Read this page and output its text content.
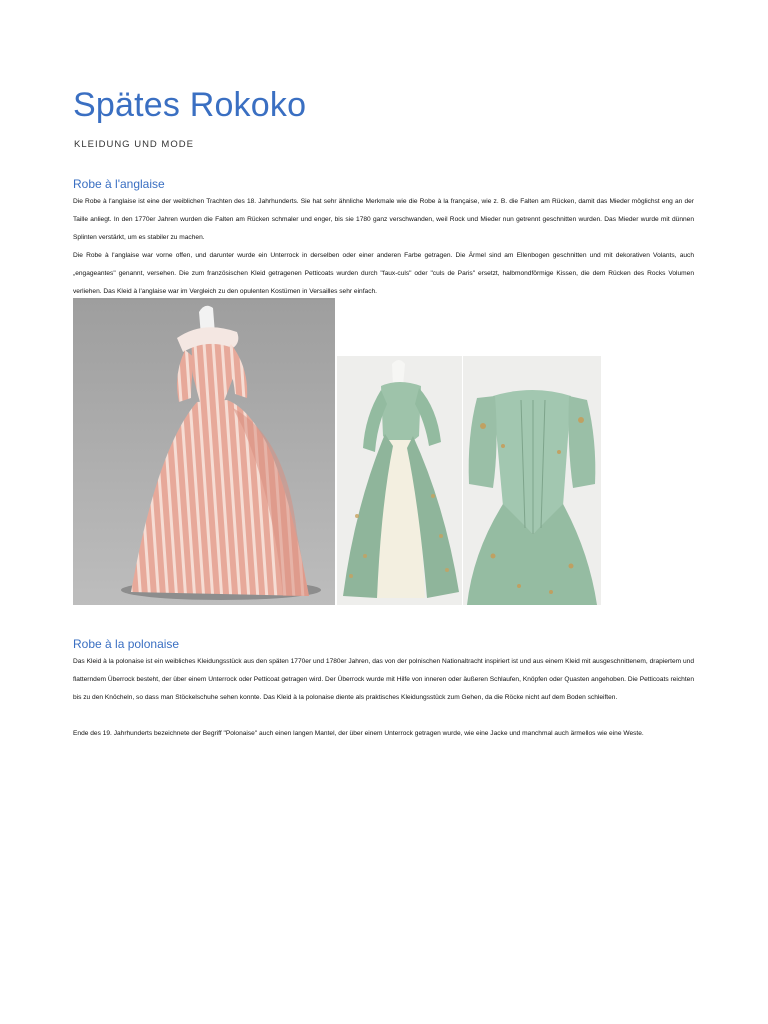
Spätes Rokoko
KLEIDUNG UND MODE
Robe à l'anglaise

Die Robe à l'anglaise ist eine der weiblichen Trachten des 18. Jahrhunderts. Sie hat sehr ähnliche Merkmale wie die Robe à la française, wie z. B. die Falten am Rücken, damit das Mieder möglichst eng an der Taille anliegt. In den 1770er Jahren wurden die Falten am Rücken schmaler und enger, bis sie 1780 ganz verschwanden, weil Rock und Mieder nun getrennt geschnitten wurden. Das Mieder wurde mit dünnen Splinten verstärkt, um es stabiler zu machen.

Die Robe à l'anglaise war vorne offen, und darunter wurde ein Unterrock in derselben oder einer anderen Farbe getragen. Die Ärmel sind am Ellenbogen geschnitten und mit dekorativen Volants, auch „engageantes" genannt, versehen. Die zum französischen Kleid getragenen Petticoats wurden durch "faux-culs" oder "culs de Paris" ersetzt, halbmondförmige Kissen, die dem Rücken des Rocks Volumen verliehen. Das Kleid à l'anglaise war im Vergleich zu den opulenten Kostümen in Versailles sehr einfach.

Robe à la polonaise

Das Kleid à la polonaise ist ein weibliches Kleidungsstück aus den späten 1770er und 1780er Jahren, das von der polnischen Nationaltracht inspiriert ist und aus einem Kleid mit ausgeschnittenem, drapiertem und flatterndem Überrock besteht, der über einem Unterrock oder Petticoat getragen wird. Der Überrock wurde mit Hilfe von inneren oder äußeren Schlaufen, Knöpfen oder Quasten angehoben. Die Petticoats reichten bis zu den Knöcheln, so dass man Stöckelschuhe sehen konnte. Das Kleid à la polonaise diente als praktisches Kleidungsstück zum Gehen, da die Röcke nicht auf dem Boden schleiften.

Ende des 19. Jahrhunderts bezeichnete der Begriff "Polonaise" auch einen langen Mantel, der über einem Unterrock getragen wurde, wie eine Jacke und manchmal auch ärmellos wie eine Weste.
